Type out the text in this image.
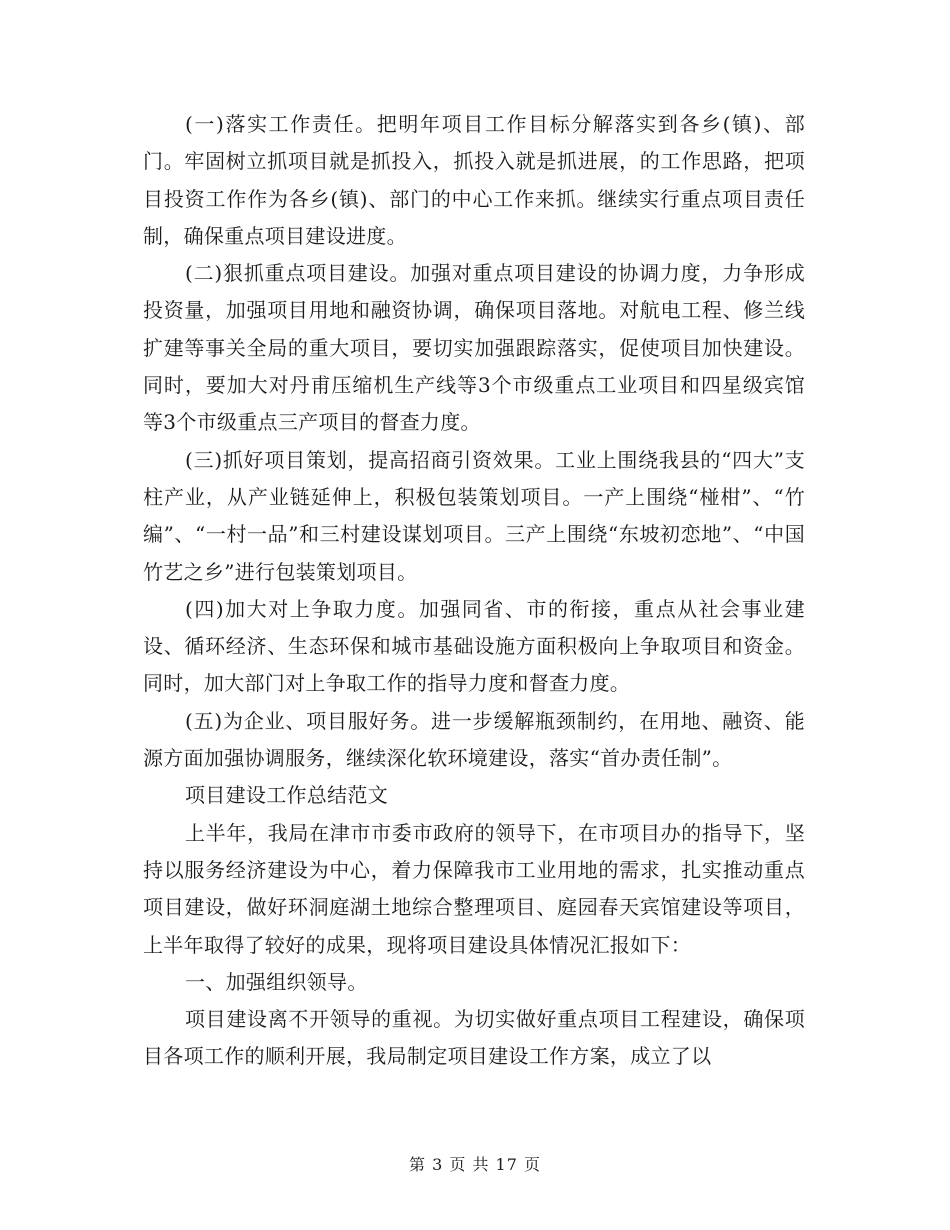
(一)落实工作责任。把明年项目工作目标分解落实到各乡(镇)、部门。牢固树立抓项目就是抓投入，抓投入就是抓进展，的工作思路，把项目投资工作作为各乡(镇)、部门的中心工作来抓。继续实行重点项目责任制，确保重点项目建设进度。

(二)狠抓重点项目建设。加强对重点项目建设的协调力度，力争形成投资量，加强项目用地和融资协调，确保项目落地。对航电工程、修兰线扩建等事关全局的重大项目，要切实加强跟踪落实，促使项目加快建设。同时，要加大对丹甫压缩机生产线等3个市级重点工业项目和四星级宾馆等3个市级重点三产项目的督查力度。

(三)抓好项目策划，提高招商引资效果。工业上围绕我县的“四大”支柱产业，从产业链延伸上，积极包装策划项目。一产上围绕“椪柑”、“竹编”、“一村一品”和三村建设谋划项目。三产上围绕“东坡初恋地”、“中国竹艺之乡”进行包装策划项目。

(四)加大对上争取力度。加强同省、市的衔接，重点从社会事业建设、循环经济、生态环保和城市基础设施方面积极向上争取项目和资金。同时，加大部门对上争取工作的指导力度和督查力度。

(五)为企业、项目服好务。进一步缓解瓶颈制约，在用地、融资、能源方面加强协调服务，继续深化软环境建设，落实“首办责任制”。

项目建设工作总结范文

上半年，我局在津市市委市政府的领导下，在市项目办的指导下，坚持以服务经济建设为中心，着力保障我市工业用地的需求，扎实推动重点项目建设，做好环洞庭湖土地综合整理项目、庭园春天宾馆建设等项目，上半年取得了较好的成果，现将项目建设具体情况汇报如下：

一、加强组织领导。

项目建设离不开领导的重视。为切实做好重点项目工程建设，确保项目各项工作的顺利开展，我局制定项目建设工作方案，成立了以

第 3 页 共 17 页
